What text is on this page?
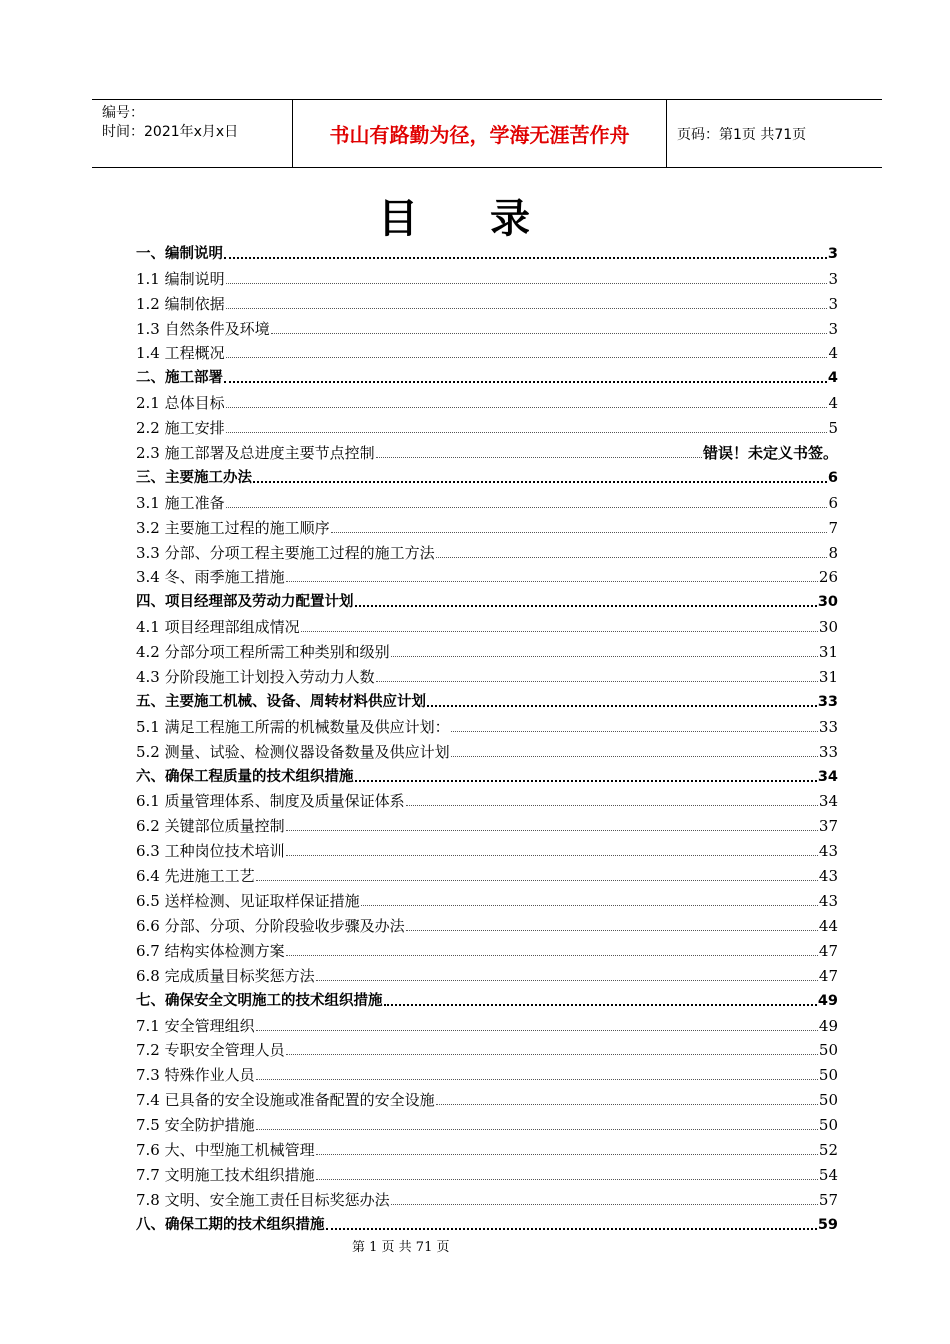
编号：
时间：2021年x月x日	书山有路勤为径，学海无涯苦作舟	页码：第1页 共71页
目录
一、编制说明	3
1.1 编制说明	3
1.2 编制依据	3
1.3 自然条件及环境	3
1.4 工程概况	4
二、施工部署	4
2.1 总体目标	4
2.2 施工安排	5
2.3 施工部署及总进度主要节点控制	错误！未定义书签。
三、主要施工办法	6
3.1 施工准备	6
3.2 主要施工过程的施工顺序	7
3.3 分部、分项工程主要施工过程的施工方法	8
3.4 冬、雨季施工措施	26
四、项目经理部及劳动力配置计划	30
4.1 项目经理部组成情况	30
4.2 分部分项工程所需工种类别和级别	31
4.3 分阶段施工计划投入劳动力人数	31
五、主要施工机械、设备、周转材料供应计划	33
5.1 满足工程施工所需的机械数量及供应计划：	33
5.2 测量、试验、检测仪器设备数量及供应计划	33
六、确保工程质量的技术组织措施	34
6.1 质量管理体系、制度及质量保证体系	34
6.2 关键部位质量控制	37
6.3 工种岗位技术培训	43
6.4 先进施工工艺	43
6.5 送样检测、见证取样保证措施	43
6.6 分部、分项、分阶段验收步骤及办法	44
6.7 结构实体检测方案	47
6.8 完成质量目标奖惩方法	47
七、确保安全文明施工的技术组织措施	49
7.1 安全管理组织	49
7.2 专职安全管理人员	50
7.3 特殊作业人员	50
7.4 已具备的安全设施或准备配置的安全设施	50
7.5 安全防护措施	50
7.6 大、中型施工机械管理	52
7.7 文明施工技术组织措施	54
7.8 文明、安全施工责任目标奖惩办法	57
八、确保工期的技术组织措施	59
第 1 页 共 71 页
